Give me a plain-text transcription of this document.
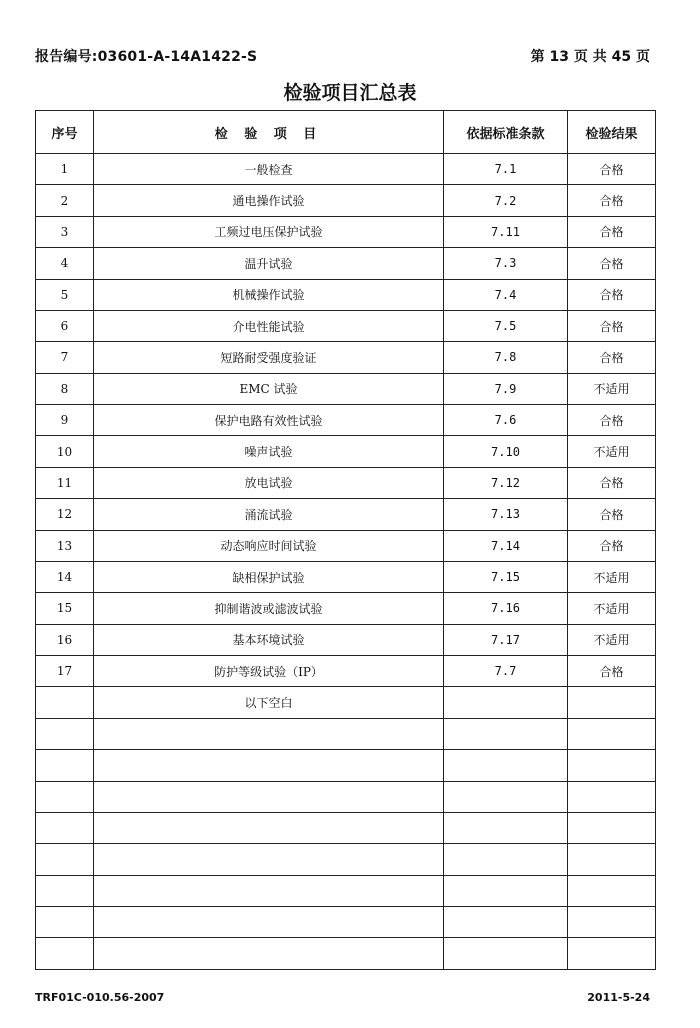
报告编号:03601-A-14A1422-S	第 13 页 共 45 页
检验项目汇总表
序号	检 验 项 目	依据标准条款	检验结果
1	一般检查	7.1	合格
2	通电操作试验	7.2	合格
3	工频过电压保护试验	7.11	合格
4	温升试验	7.3	合格
5	机械操作试验	7.4	合格
6	介电性能试验	7.5	合格
7	短路耐受强度验证	7.8	合格
8	EMC 试验	7.9	不适用
9	保护电路有效性试验	7.6	合格
10	噪声试验	7.10	不适用
11	放电试验	7.12	合格
12	涌流试验	7.13	合格
13	动态响应时间试验	7.14	合格
14	缺相保护试验	7.15	不适用
15	抑制谐波或滤波试验	7.16	不适用
16	基本环境试验	7.17	不适用
17	防护等级试验（IP）	7.7	合格
	以下空白		

TRF01C-010.56-2007	2011-5-24
